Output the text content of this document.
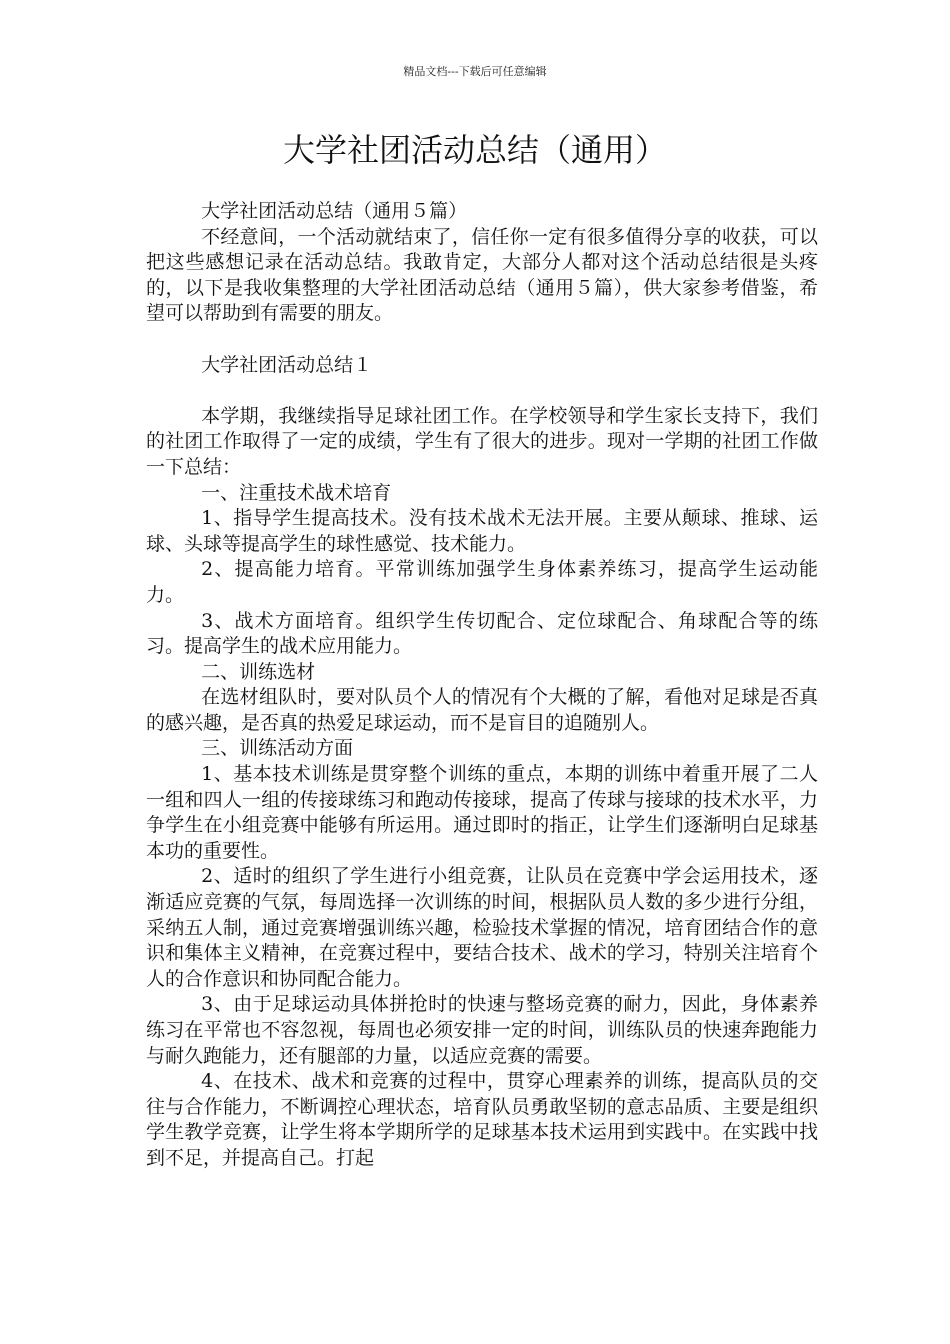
精品文档---下载后可任意编辑
大学社团活动总结（通用）

大学社团活动总结（通用５篇）

不经意间，一个活动就结束了，信任你一定有很多值得分享的收获，可以把这些感想记录在活动总结。我敢肯定，大部分人都对这个活动总结很是头疼的，以下是我收集整理的大学社团活动总结（通用５篇），供大家参考借鉴，希望可以帮助到有需要的朋友。

大学社团活动总结１

本学期，我继续指导足球社团工作。在学校领导和学生家长支持下，我们的社团工作取得了一定的成绩，学生有了很大的进步。现对一学期的社团工作做一下总结：

一、注重技术战术培育

1、指导学生提高技术。没有技术战术无法开展。主要从颠球、推球、运球、头球等提高学生的球性感觉、技术能力。

2、提高能力培育。平常训练加强学生身体素养练习，提高学生运动能力。

3、战术方面培育。组织学生传切配合、定位球配合、角球配合等的练习。提高学生的战术应用能力。

二、训练选材

在选材组队时，要对队员个人的情况有个大概的了解，看他对足球是否真的感兴趣，是否真的热爱足球运动，而不是盲目的追随别人。

三、训练活动方面

1、基本技术训练是贯穿整个训练的重点，本期的训练中着重开展了二人一组和四人一组的传接球练习和跑动传接球，提高了传球与接球的技术水平，力争学生在小组竞赛中能够有所运用。通过即时的指正，让学生们逐渐明白足球基本功的重要性。

2、适时的组织了学生进行小组竞赛，让队员在竞赛中学会运用技术，逐渐适应竞赛的气氛，每周选择一次训练的时间，根据队员人数的多少进行分组，采纳五人制，通过竞赛增强训练兴趣，检验技术掌握的情况，培育团结合作的意识和集体主义精神，在竞赛过程中，要结合技术、战术的学习，特别关注培育个人的合作意识和协同配合能力。

3、由于足球运动具体拼抢时的快速与整场竞赛的耐力，因此，身体素养练习在平常也不容忽视，每周也必须安排一定的时间，训练队员的快速奔跑能力与耐久跑能力，还有腿部的力量，以适应竞赛的需要。

4、在技术、战术和竞赛的过程中，贯穿心理素养的训练，提高队员的交往与合作能力，不断调控心理状态，培育队员勇敢坚韧的意志品质、主要是组织学生教学竞赛，让学生将本学期所学的足球基本技术运用到实践中。在实践中找到不足，并提高自己。打起
